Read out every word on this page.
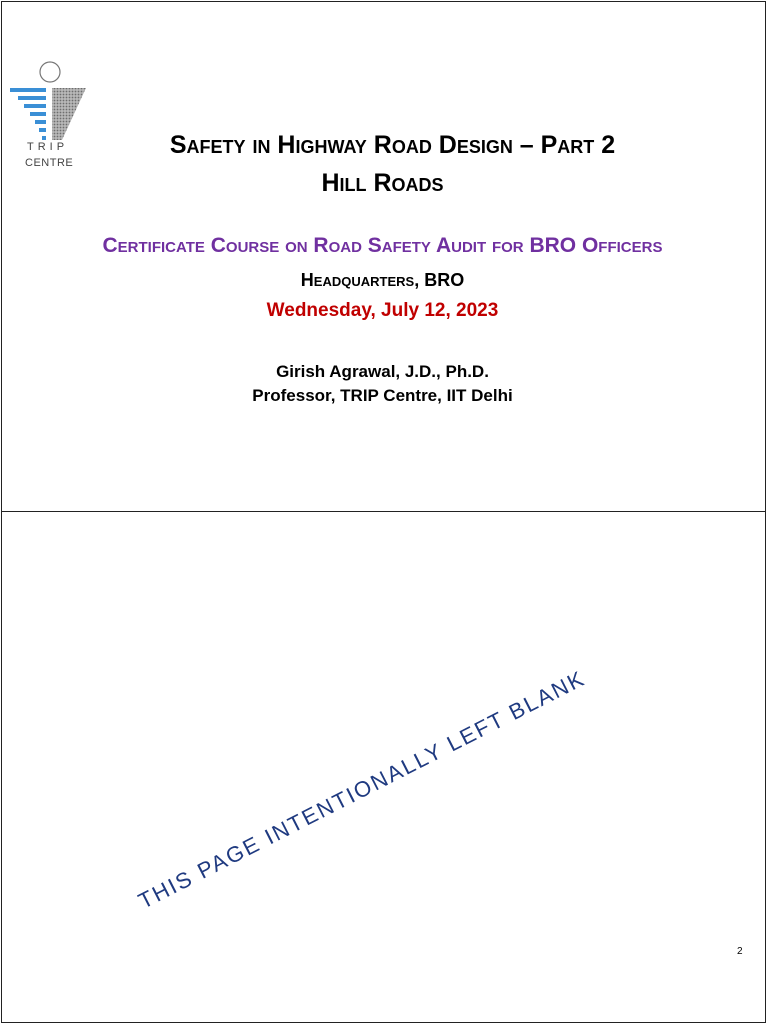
TRIP
CENTRE
Safety in Highway Road Design – Part 2
Hill Roads
Certificate Course on Road Safety Audit for BRO Officers
Headquarters, BRO
Wednesday, July 12, 2023
Girish Agrawal, J.D., Ph.D.
Professor, TRIP Centre, IIT Delhi
THIS PAGE INTENTIONALLY LEFT BLANK
2
